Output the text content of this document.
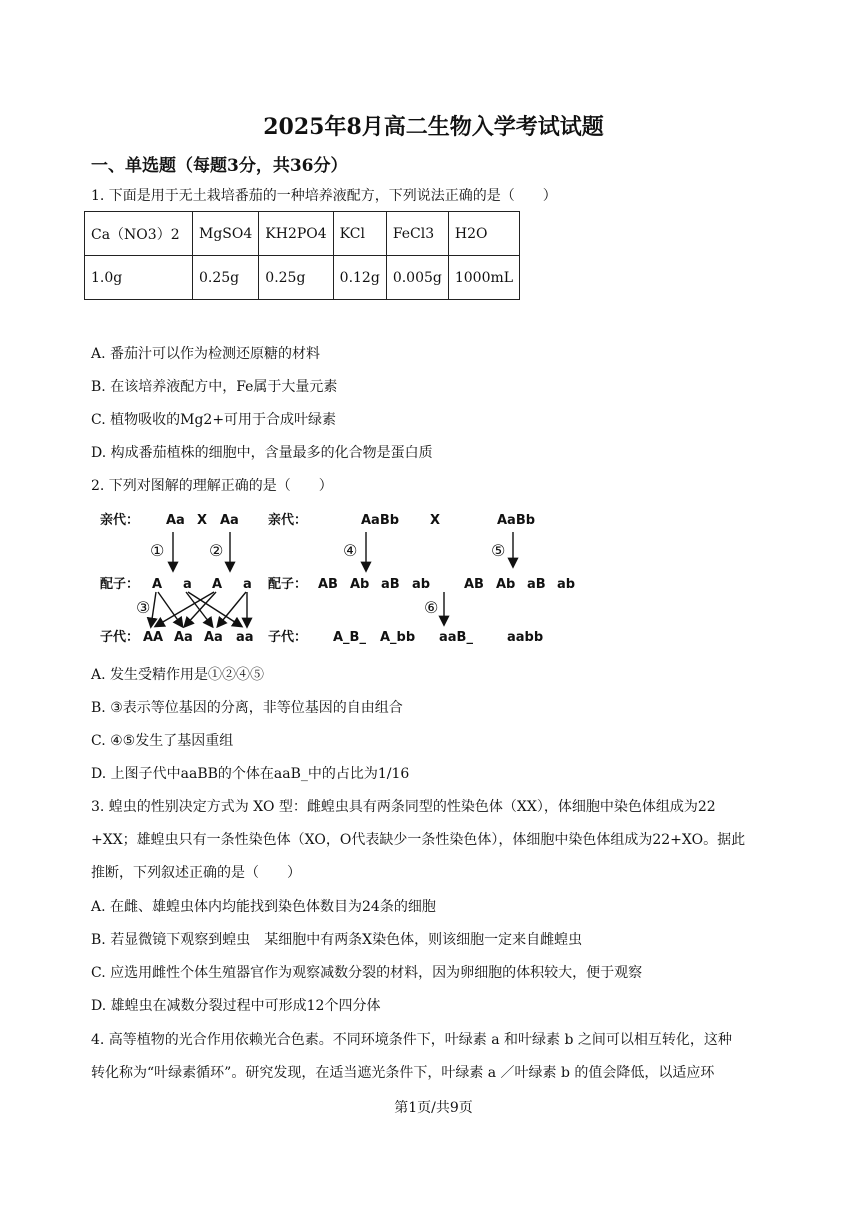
2025年8月高二生物入学考试试题
一、单选题（每题3分，共36分）
1. 下面是用于无土栽培番茄的一种培养液配方，下列说法正确的是（　　）
Ca（NO3）2	MgSO4	KH2PO4	KCl	FeCl3	H2O
1.0g	0.25g	0.25g	0.12g	0.005g	1000mL
A. 番茄汁可以作为检测还原糖的材料
B. 在该培养液配方中，Fe属于大量元素
C. 植物吸收的Mg2+可用于合成叶绿素
D. 构成番茄植株的细胞中，含量最多的化合物是蛋白质
2. 下列对图解的理解正确的是（　　）
亲代： Aa X Aa
配子： A a A a
子代： AA Aa Aa aa
亲代：	AaBb X	AaBb
配子： AB Ab aB ab	AB Ab aB ab
子代： A_B_ A_bb aaB_	aabb
①	②
③
④	⑤
⑥
A. 发生受精作用是①②④⑤
B. ③表示等位基因的分离，非等位基因的自由组合
C. ④⑤发生了基因重组
D. 上图子代中aaBB的个体在aaB_中的占比为1/16
3. 蝗虫的性别决定方式为 XO 型：雌蝗虫具有两条同型的性染色体（XX），体细胞中染色体组成为22
+XX；雄蝗虫只有一条性染色体（XO，O代表缺少一条性染色体），体细胞中染色体组成为22+XO。据此
推断，下列叙述正确的是（　　）
A. 在雌、雄蝗虫体内均能找到染色体数目为24条的细胞
B. 若显微镜下观察到蝗虫　某细胞中有两条X染色体，则该细胞一定来自雌蝗虫
C. 应选用雌性个体生殖器官作为观察减数分裂的材料，因为卵细胞的体积较大，便于观察
D. 雄蝗虫在减数分裂过程中可形成12个四分体
4. 高等植物的光合作用依赖光合色素。不同环境条件下，叶绿素 a 和叶绿素 b 之间可以相互转化，这种
转化称为“叶绿素循环”。研究发现，在适当遮光条件下，叶绿素 a ／叶绿素 b 的值会降低，以适应环
第1页/共9页
